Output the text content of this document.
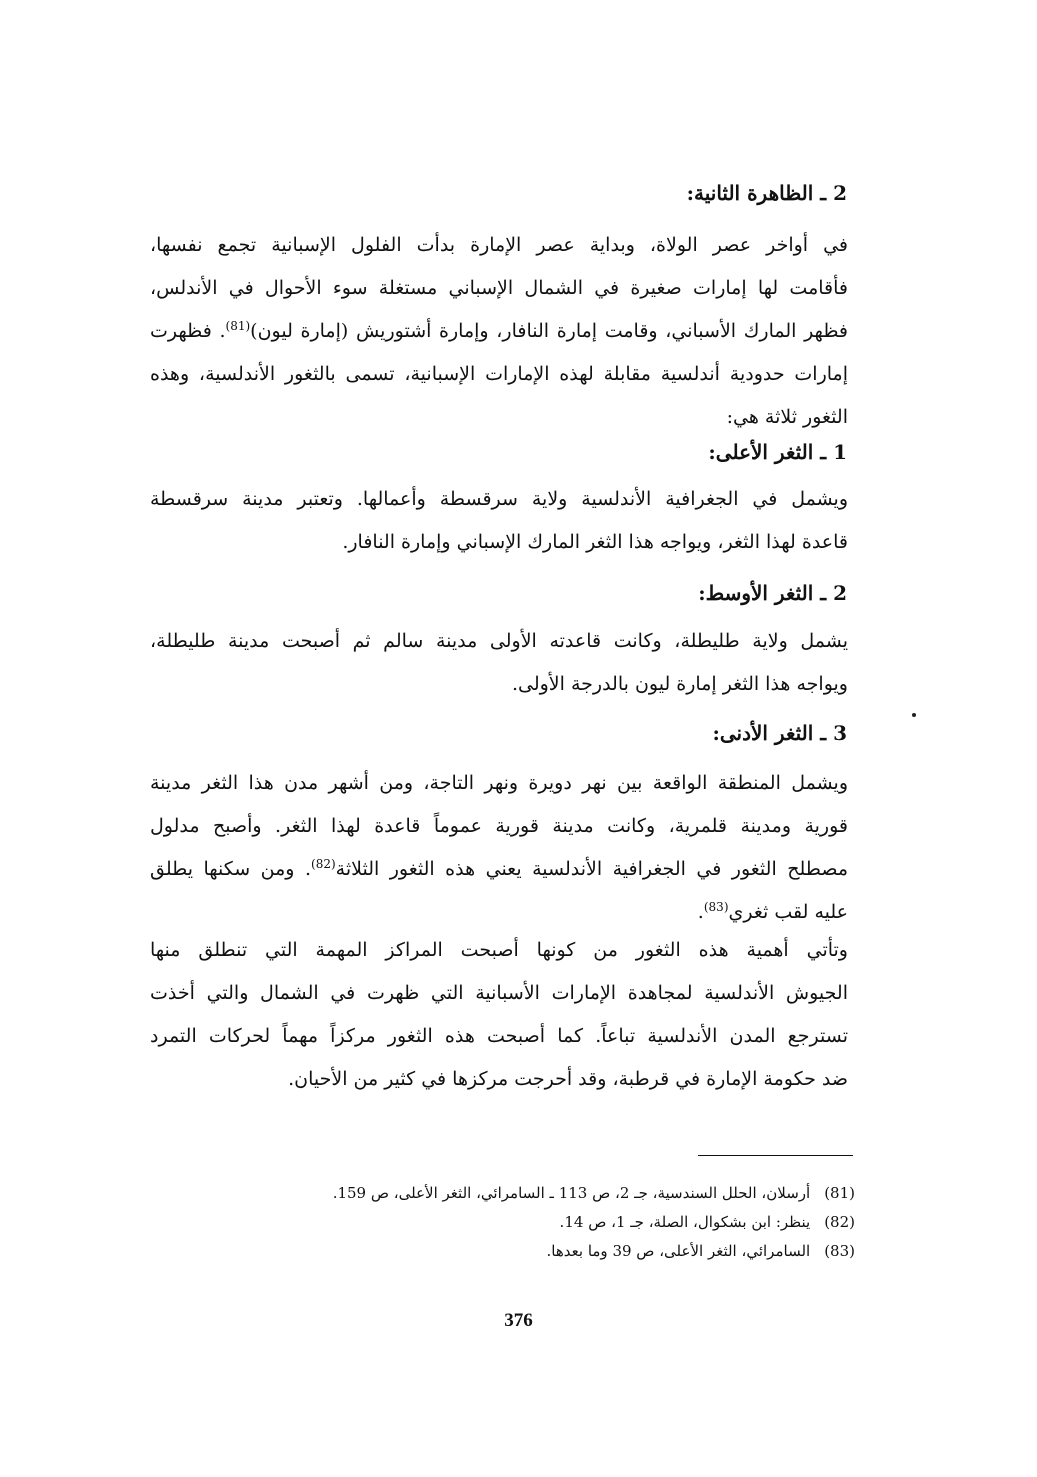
2 ـ الظاهرة الثانية:
في أواخر عصر الولاة، وبداية عصر الإمارة بدأت الفلول الإسبانية تجمع نفسها،
فأقامت لها إمارات صغيرة في الشمال الإسباني مستغلة سوء الأحوال في الأندلس،
فظهر المارك الأسباني، وقامت إمارة النافار، وإمارة أشتوريش (إمارة ليون)$^{(81)}$. فظهرت
إمارات حدودية أندلسية مقابلة لهذه الإمارات الإسبانية، تسمى بالثغور الأندلسية، وهذه
الثغور ثلاثة هي:
1 ـ الثغر الأعلى:
ويشمل في الجغرافية الأندلسية ولاية سرقسطة وأعمالها. وتعتبر مدينة سرقسطة
قاعدة لهذا الثغر، ويواجه هذا الثغر المارك الإسباني وإمارة النافار.
2 ـ الثغر الأوسط:
يشمل ولاية طليطلة، وكانت قاعدته الأولى مدينة سالم ثم أصبحت مدينة طليطلة،
ويواجه هذا الثغر إمارة ليون بالدرجة الأولى.
3 ـ الثغر الأدنى:
ويشمل المنطقة الواقعة بين نهر دويرة ونهر التاجة، ومن أشهر مدن هذا الثغر مدينة
قورية ومدينة قلمرية، وكانت مدينة قورية عموماً قاعدة لهذا الثغر. وأصبح مدلول
مصطلح الثغور في الجغرافية الأندلسية يعني هذه الثغور الثلاثة$^{(82)}$. ومن سكنها يطلق
عليه لقب ثغري$^{(83)}$.
وتأتي أهمية هذه الثغور من كونها أصبحت المراكز المهمة التي تنطلق منها
الجيوش الأندلسية لمجاهدة الإمارات الأسبانية التي ظهرت في الشمال والتي أخذت
تسترجع المدن الأندلسية تباعاً. كما أصبحت هذه الثغور مركزاً مهماً لحركات التمرد
ضد حكومة الإمارة في قرطبة، وقد أحرجت مركزها في كثير من الأحيان.
(81)أرسلان، الحلل السندسية، جـ 2، ص 113 ـ السامرائي، الثغر الأعلى، ص 159.
(82)ينظر: ابن بشكوال، الصلة، جـ 1، ص 14.
(83)السامرائي، الثغر الأعلى، ص 39 وما بعدها.
376
